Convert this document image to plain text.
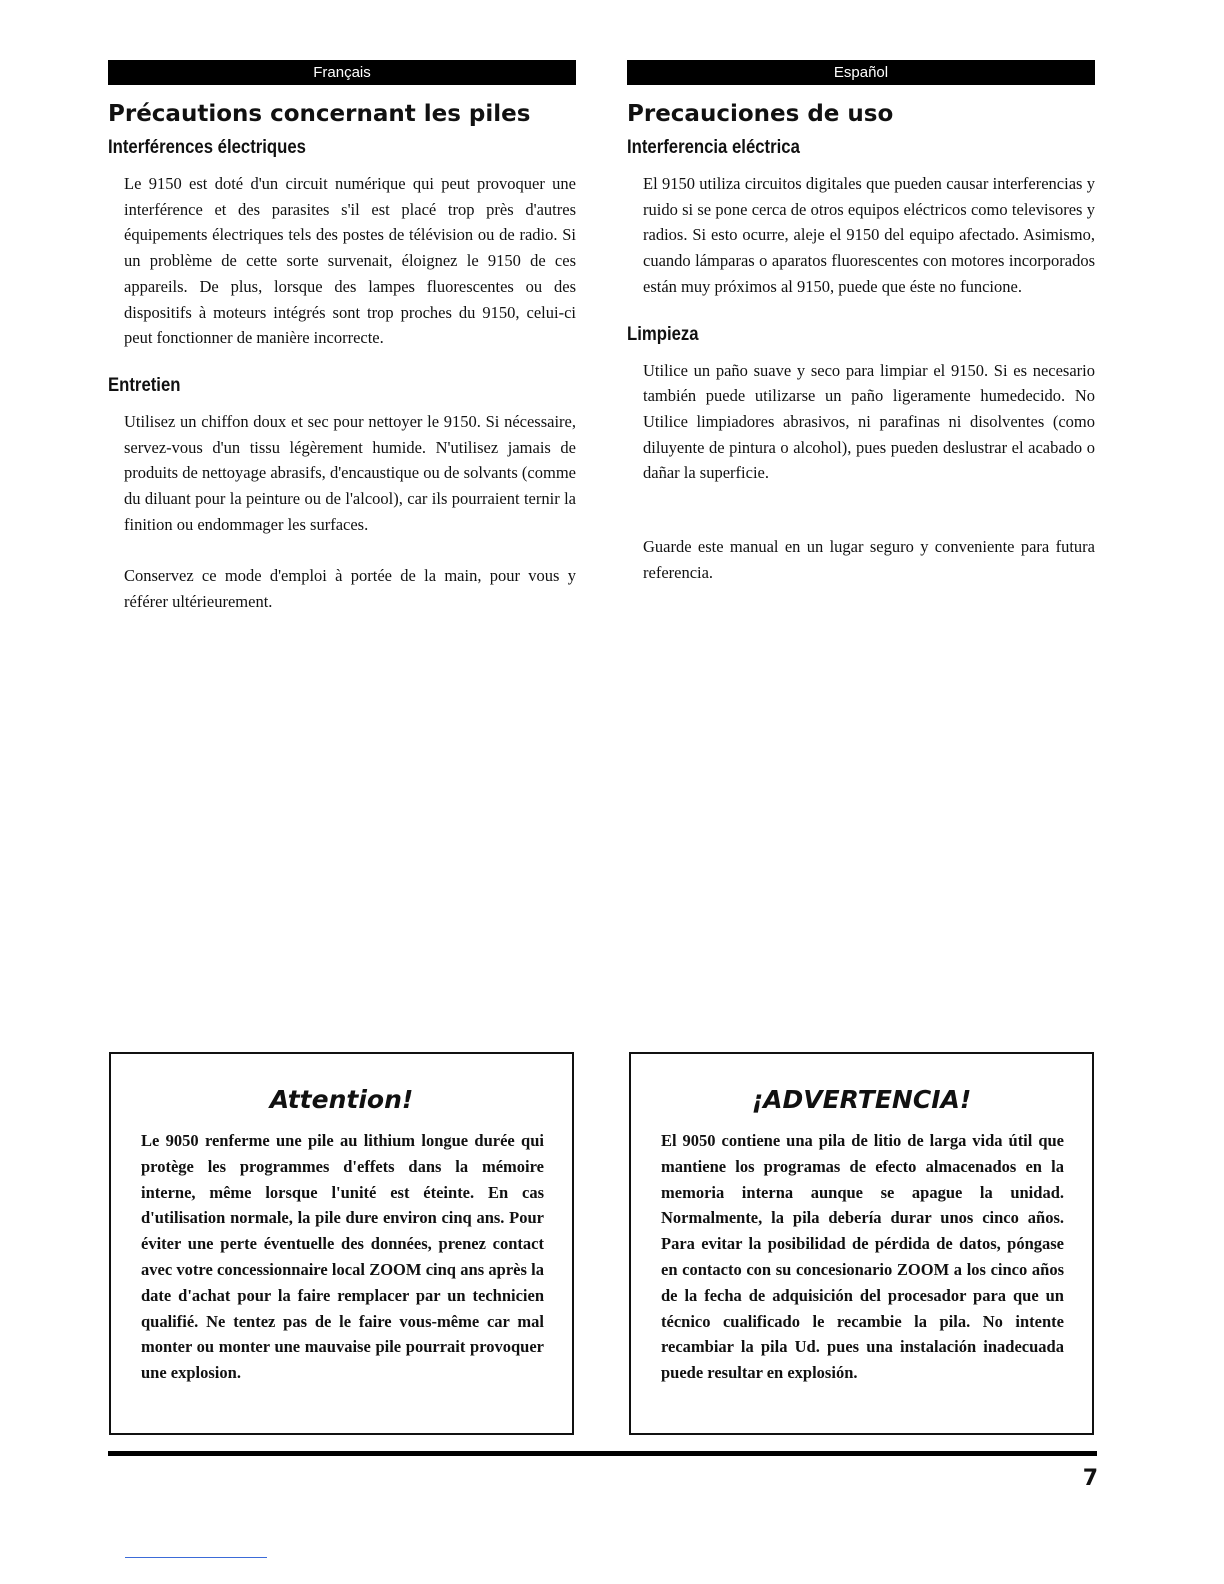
Français
Précautions concernant les piles
Interférences électriques

Le 9150 est doté d'un circuit numérique qui peut provoquer une interférence et des parasites s'il est placé trop près d'autres équipements électriques tels des postes de télévision ou de radio. Si un problème de cette sorte survenait, éloignez le 9150 de ces appareils. De plus, lorsque des lampes fluorescentes ou des dispositifs à moteurs intégrés sont trop proches du 9150, celui-ci peut fonctionner de manière incorrecte.

Entretien

Utilisez un chiffon doux et sec pour nettoyer le 9150. Si nécessaire, servez-vous d'un tissu légèrement humide. N'utilisez jamais de produits de nettoyage abrasifs, d'encaustique ou de solvants (comme du diluant pour la peinture ou de l'alcool), car ils pourraient ternir la finition ou endommager les surfaces.

Conservez ce mode d'emploi à portée de la main, pour vous y référer ultérieurement.

Español
Precauciones de uso
Interferencia eléctrica

El 9150 utiliza circuitos digitales que pueden causar interferencias y ruido si se pone cerca de otros equipos eléctricos como televisores y radios. Si esto ocurre, aleje el 9150 del equipo afectado. Asimismo, cuando lámparas o aparatos fluorescentes con motores incorporados están muy próximos al 9150, puede que éste no funcione.

Limpieza

Utilice un paño suave y seco para limpiar el 9150. Si es necesario también puede utilizarse un paño ligeramente humedecido. No Utilice limpiadores abrasivos, ni parafinas ni disolventes (como diluyente de pintura o alcohol), pues pueden deslustrar el acabado o dañar la superficie.

Guarde este manual en un lugar seguro y conveniente para futura referencia.

Attention!

Le 9050 renferme une pile au lithium longue durée qui protège les programmes d'effets dans la mémoire interne, même lorsque l'unité est éteinte. En cas d'utilisation normale, la pile dure environ cinq ans. Pour éviter une perte éventuelle des données, prenez contact avec votre concessionnaire local ZOOM cinq ans après la date d'achat pour la faire remplacer par un technicien qualifié. Ne tentez pas de le faire vous-même car mal monter ou monter une mauvaise pile pourrait provoquer une explosion.

¡ADVERTENCIA!

El 9050 contiene una pila de litio de larga vida útil que mantiene los programas de efecto almacenados en la memoria interna aunque se apague la unidad. Normalmente, la pila debería durar unos cinco años. Para evitar la posibilidad de pérdida de datos, póngase en contacto con su concesionario ZOOM a los cinco años de la fecha de adquisición del procesador para que un técnico cualificado le recambie la pila. No intente recambiar la pila Ud. pues una instalación inadecuada puede resultar en explosión.

7
